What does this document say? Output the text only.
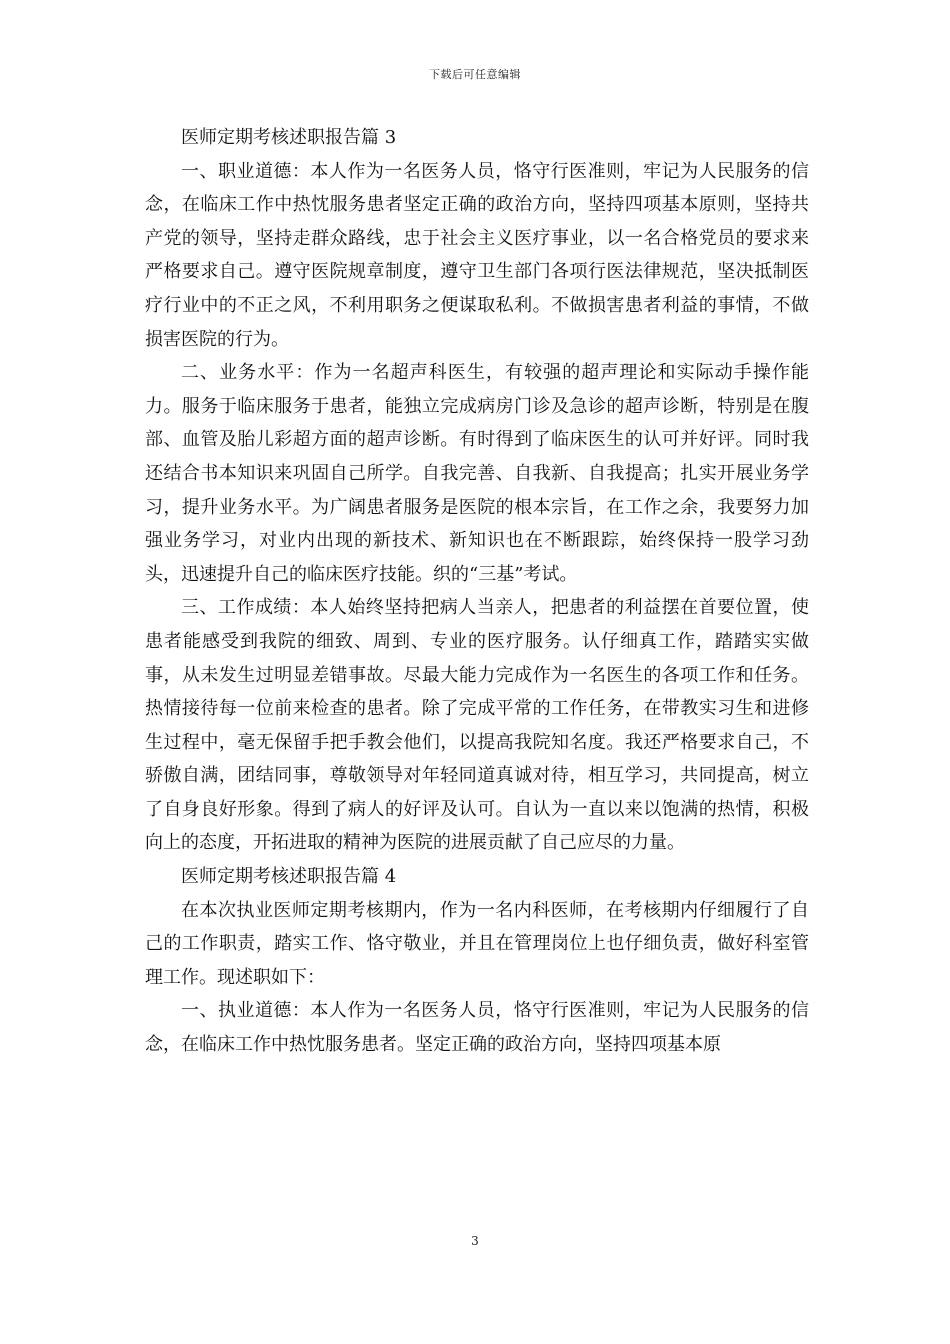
下载后可任意编辑

医师定期考核述职报告篇 3

一、职业道德：本人作为一名医务人员，恪守行医准则，牢记为人民服务的信念，在临床工作中热忱服务患者坚定正确的政治方向，坚持四项基本原则，坚持共产党的领导，坚持走群众路线，忠于社会主义医疗事业，以一名合格党员的要求来严格要求自己。遵守医院规章制度，遵守卫生部门各项行医法律规范，坚决抵制医疗行业中的不正之风，不利用职务之便谋取私利。不做损害患者利益的事情，不做损害医院的行为。

二、业务水平：作为一名超声科医生，有较强的超声理论和实际动手操作能力。服务于临床服务于患者，能独立完成病房门诊及急诊的超声诊断，特别是在腹部、血管及胎儿彩超方面的超声诊断。有时得到了临床医生的认可并好评。同时我还结合书本知识来巩固自己所学。自我完善、自我新、自我提高；扎实开展业务学习，提升业务水平。为广阔患者服务是医院的根本宗旨，在工作之余，我要努力加强业务学习，对业内出现的新技术、新知识也在不断跟踪，始终保持一股学习劲头，迅速提升自己的临床医疗技能。织的“三基”考试。

三、工作成绩：本人始终坚持把病人当亲人，把患者的利益摆在首要位置，使患者能感受到我院的细致、周到、专业的医疗服务。认仔细真工作，踏踏实实做事，从未发生过明显差错事故。尽最大能力完成作为一名医生的各项工作和任务。热情接待每一位前来检查的患者。除了完成平常的工作任务，在带教实习生和进修生过程中，毫无保留手把手教会他们，以提高我院知名度。我还严格要求自己，不骄傲自满，团结同事，尊敬领导对年轻同道真诚对待，相互学习，共同提高，树立了自身良好形象。得到了病人的好评及认可。自认为一直以来以饱满的热情，积极向上的态度，开拓进取的精神为医院的进展贡献了自己应尽的力量。

医师定期考核述职报告篇 4

在本次执业医师定期考核期内，作为一名内科医师，在考核期内仔细履行了自己的工作职责，踏实工作、恪守敬业，并且在管理岗位上也仔细负责，做好科室管理工作。现述职如下：

一、执业道德：本人作为一名医务人员，恪守行医准则，牢记为人民服务的信念，在临床工作中热忱服务患者。坚定正确的政治方向，坚持四项基本原

3
